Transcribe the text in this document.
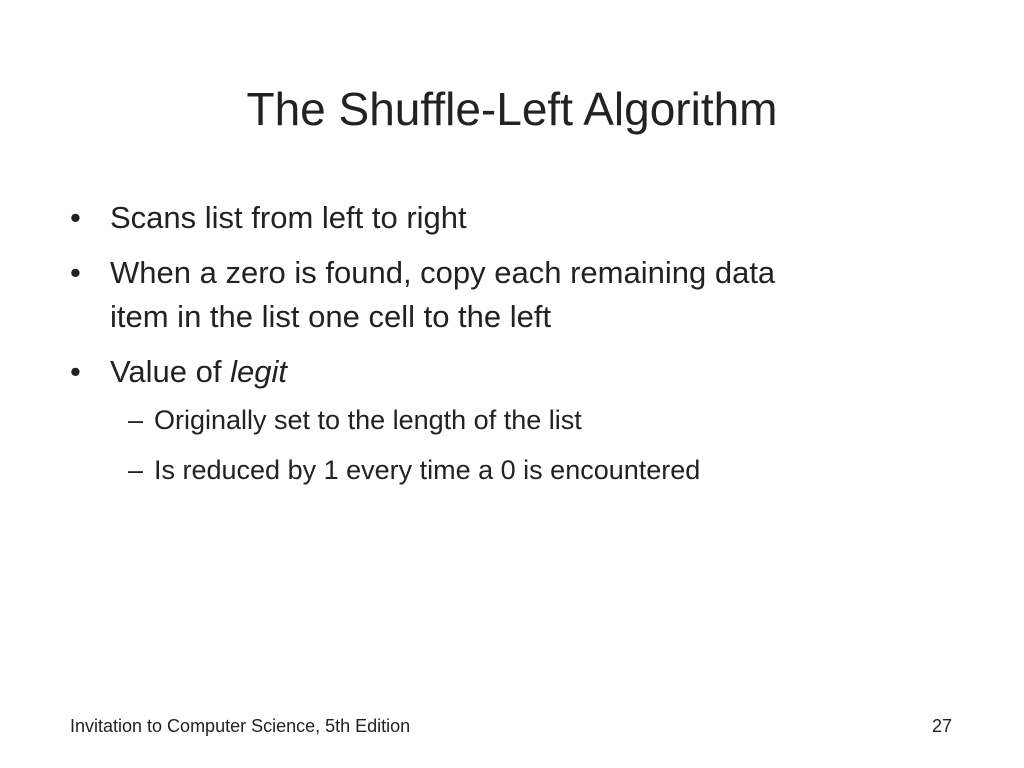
The Shuffle-Left Algorithm
• Scans list from left to right
• When a zero is found, copy each remaining data
item in the list one cell to the left
• Value of legit
– Originally set to the length of the list
– Is reduced by 1 every time a 0 is encountered
Invitation to Computer Science, 5th Edition	27
